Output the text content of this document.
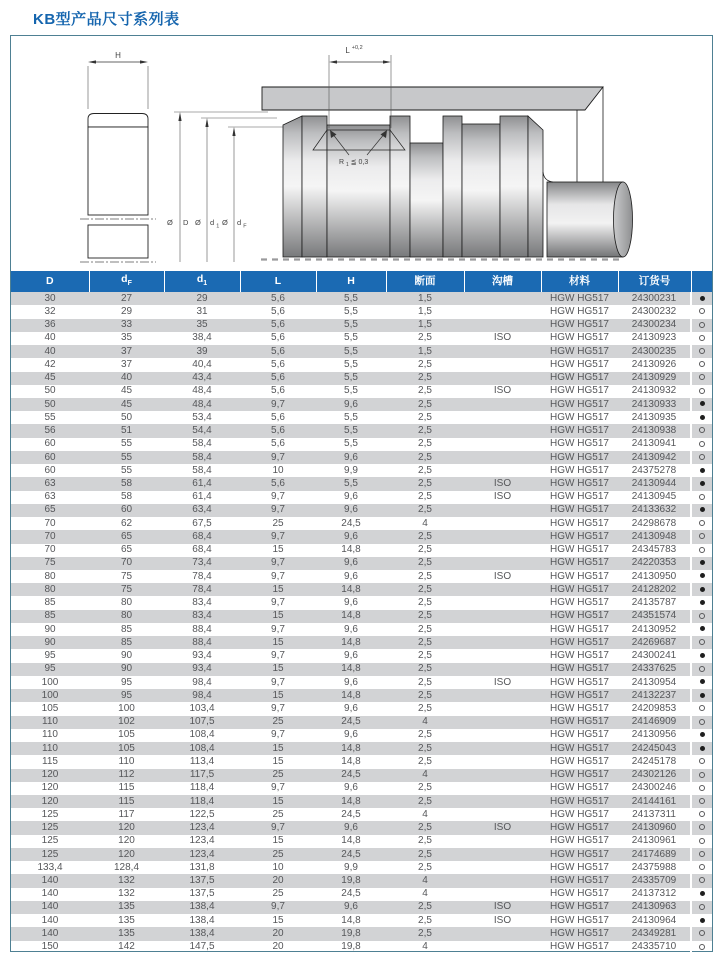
KB型产品尺寸系列表
H
Ø D Ø d $_1$ Ø d $_F$
R $_1$ ≦ 0,3
L $^{+0,2}$
D	$d_F$	$d_1$	L	H	断面	沟槽	材料	订货号	
30	27	29	5,6	5,5	1,5		HGW HG517	24300231	
32	29	31	5,6	5,5	1,5		HGW HG517	24300232	
36	33	35	5,6	5,5	1,5		HGW HG517	24300234	
40	35	38,4	5,6	5,5	2,5	ISO	HGW HG517	24130923	
40	37	39	5,6	5,5	1,5		HGW HG517	24300235	
42	37	40,4	5,6	5,5	2,5		HGW HG517	24130926	
45	40	43,4	5,6	5,5	2,5		HGW HG517	24130929	
50	45	48,4	5,6	5,5	2,5	ISO	HGW HG517	24130932	
50	45	48,4	9,7	9,6	2,5		HGW HG517	24130933	
55	50	53,4	5,6	5,5	2,5		HGW HG517	24130935	
56	51	54,4	5,6	5,5	2,5		HGW HG517	24130938	
60	55	58,4	5,6	5,5	2,5		HGW HG517	24130941	
60	55	58,4	9,7	9,6	2,5		HGW HG517	24130942	
60	55	58,4	10	9,9	2,5		HGW HG517	24375278	
63	58	61,4	5,6	5,5	2,5	ISO	HGW HG517	24130944	
63	58	61,4	9,7	9,6	2,5	ISO	HGW HG517	24130945	
65	60	63,4	9,7	9,6	2,5		HGW HG517	24133632	
70	62	67,5	25	24,5	4		HGW HG517	24298678	
70	65	68,4	9,7	9,6	2,5		HGW HG517	24130948	
70	65	68,4	15	14,8	2,5		HGW HG517	24345783	
75	70	73,4	9,7	9,6	2,5		HGW HG517	24220353	
80	75	78,4	9,7	9,6	2,5	ISO	HGW HG517	24130950	
80	75	78,4	15	14,8	2,5		HGW HG517	24128202	
85	80	83,4	9,7	9,6	2,5		HGW HG517	24135787	
85	80	83,4	15	14,8	2,5		HGW HG517	24351574	
90	85	88,4	9,7	9,6	2,5		HGW HG517	24130952	
90	85	88,4	15	14,8	2,5		HGW HG517	24269687	
95	90	93,4	9,7	9,6	2,5		HGW HG517	24300241	
95	90	93,4	15	14,8	2,5		HGW HG517	24337625	
100	95	98,4	9,7	9,6	2,5	ISO	HGW HG517	24130954	
100	95	98,4	15	14,8	2,5		HGW HG517	24132237	
105	100	103,4	9,7	9,6	2,5		HGW HG517	24209853	
110	102	107,5	25	24,5	4		HGW HG517	24146909	
110	105	108,4	9,7	9,6	2,5		HGW HG517	24130956	
110	105	108,4	15	14,8	2,5		HGW HG517	24245043	
115	110	113,4	15	14,8	2,5		HGW HG517	24245178	
120	112	117,5	25	24,5	4		HGW HG517	24302126	
120	115	118,4	9,7	9,6	2,5		HGW HG517	24300246	
120	115	118,4	15	14,8	2,5		HGW HG517	24144161	
125	117	122,5	25	24,5	4		HGW HG517	24137311	
125	120	123,4	9,7	9,6	2,5	ISO	HGW HG517	24130960	
125	120	123,4	15	14,8	2,5		HGW HG517	24130961	
125	120	123,4	25	24,5	2,5		HGW HG517	24174689	
133,4	128,4	131,8	10	9,9	2,5		HGW HG517	24375988	
140	132	137,5	20	19,8	4		HGW HG517	24335709	
140	132	137,5	25	24,5	4		HGW HG517	24137312	
140	135	138,4	9,7	9,6	2,5	ISO	HGW HG517	24130963	
140	135	138,4	15	14,8	2,5	ISO	HGW HG517	24130964	
140	135	138,4	20	19,8	2,5		HGW HG517	24349281	
150	142	147,5	20	19,8	4		HGW HG517	24335710	
